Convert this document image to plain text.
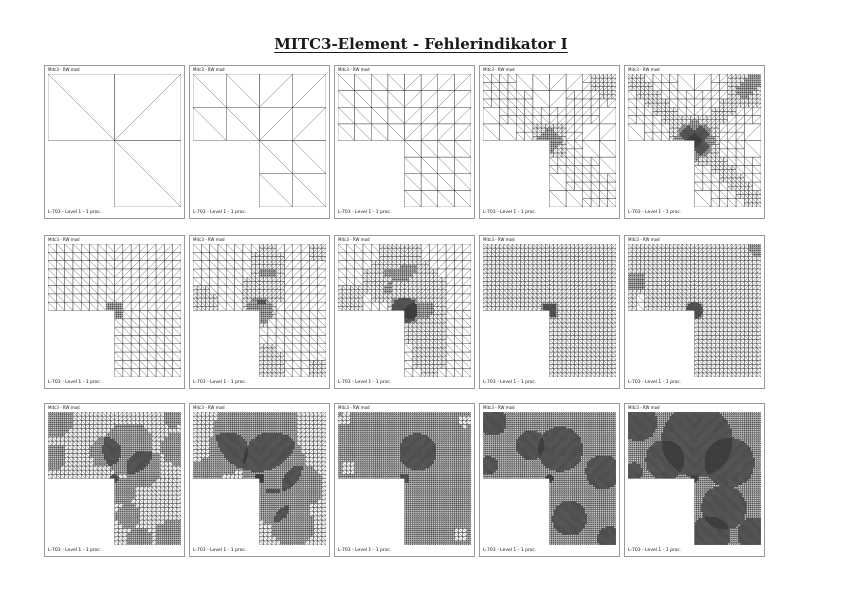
MITC3-Element - Fehlerindikator I
Mitc3 - RW mod
L-703 - Level 1 - 1 proc.
Mitc3 - RW mod
L-703 - Level 1 - 1 proc.
Mitc3 - RW mod
L-703 - Level 1 - 1 proc.
Mitc3 - RW mod
L-703 - Level 1 - 1 proc.
Mitc3 - RW mod
L-703 - Level 1 - 1 proc.
Mitc3 - RW mod
L-703 - Level 1 - 1 proc.
Mitc3 - RW mod
L-703 - Level 1 - 1 proc.
Mitc3 - RW mod
L-703 - Level 1 - 1 proc.
Mitc3 - RW mod
L-703 - Level 1 - 1 proc.
Mitc3 - RW mod
L-703 - Level 1 - 1 proc.
Mitc3 - RW mod
L-703 - Level 1 - 1 proc.
Mitc3 - RW mod
L-703 - Level 1 - 1 proc.
Mitc3 - RW mod
L-703 - Level 1 - 1 proc.
Mitc3 - RW mod
L-703 - Level 1 - 1 proc.
Mitc3 - RW mod
L-703 - Level 1 - 1 proc.
